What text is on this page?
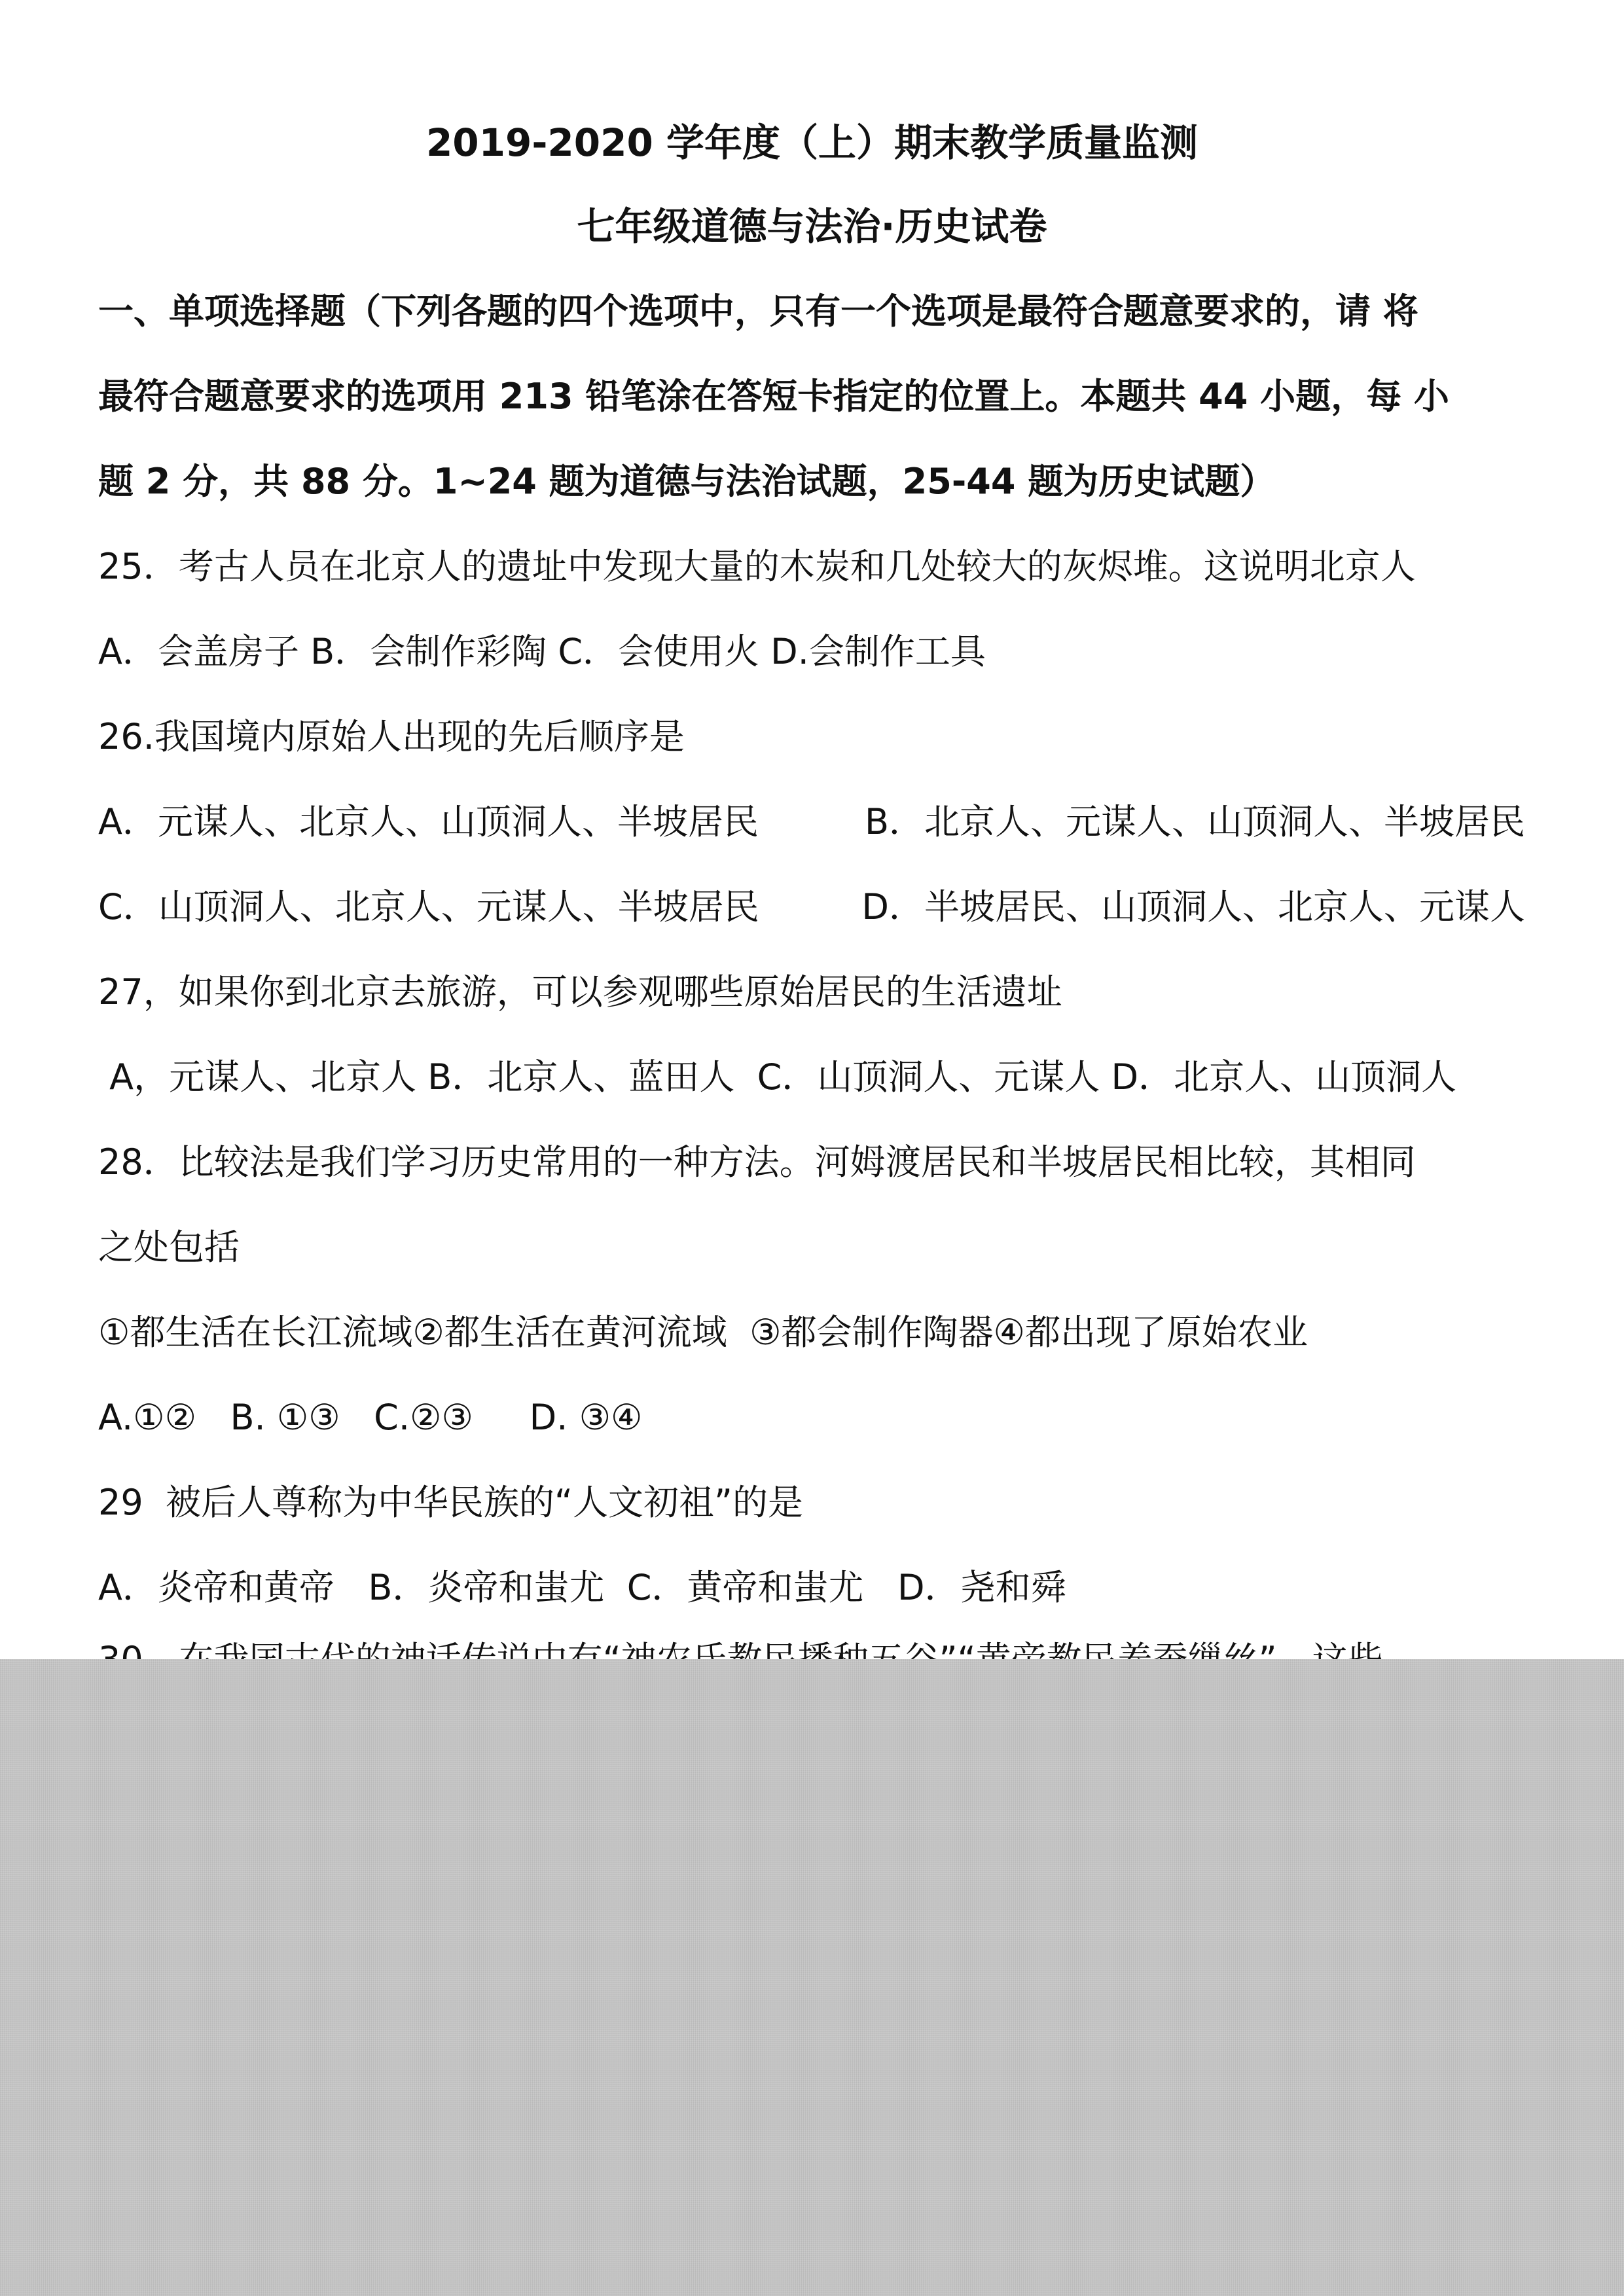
2019-2020 学年度（上）期末教学质量监测
七年级道德与法治·历史试卷
一、单项选择题（下列各题的四个选项中，只有一个选项是最符合题意要求的，请 将
最符合题意要求的选项用 213 铅笔涂在答短卡指定的位置上。本题共 44 小题，每 小
题 2 分，共 88 分。1~24 题为道德与法治试题，25-44 题为历史试题）
25．考古人员在北京人的遗址中发现大量的木炭和几处较大的灰烬堆。这说明北京人
A．会盖房子 B．会制作彩陶 C．会使用火 D.会制作工具
26.我国境内原始人出现的先后顺序是
A．元谋人、北京人、山顶洞人、半坡居民	B．北京人、元谋人、山顶洞人、半坡居民
C．山顶洞人、北京人、元谋人、半坡居民	D．半坡居民、山顶洞人、北京人、元谋人
27，如果你到北京去旅游，可以参观哪些原始居民的生活遗址
A，元谋人、北京人 B．北京人、蓝田人  C．山顶洞人、元谋人 D．北京人、山顶洞人
28．比较法是我们学习历史常用的一种方法。河姆渡居民和半坡居民相比较，其相同
之处包括
①都生活在长江流域②都生活在黄河流域  ③都会制作陶器④都出现了原始农业
A.①②   B. ①③   C.②③     D. ③④
29  被后人尊称为中华民族的“人文初祖”的是
A．炎帝和黄帝   B．炎帝和蚩尤  C．黄帝和蚩尤   D．尧和舜
